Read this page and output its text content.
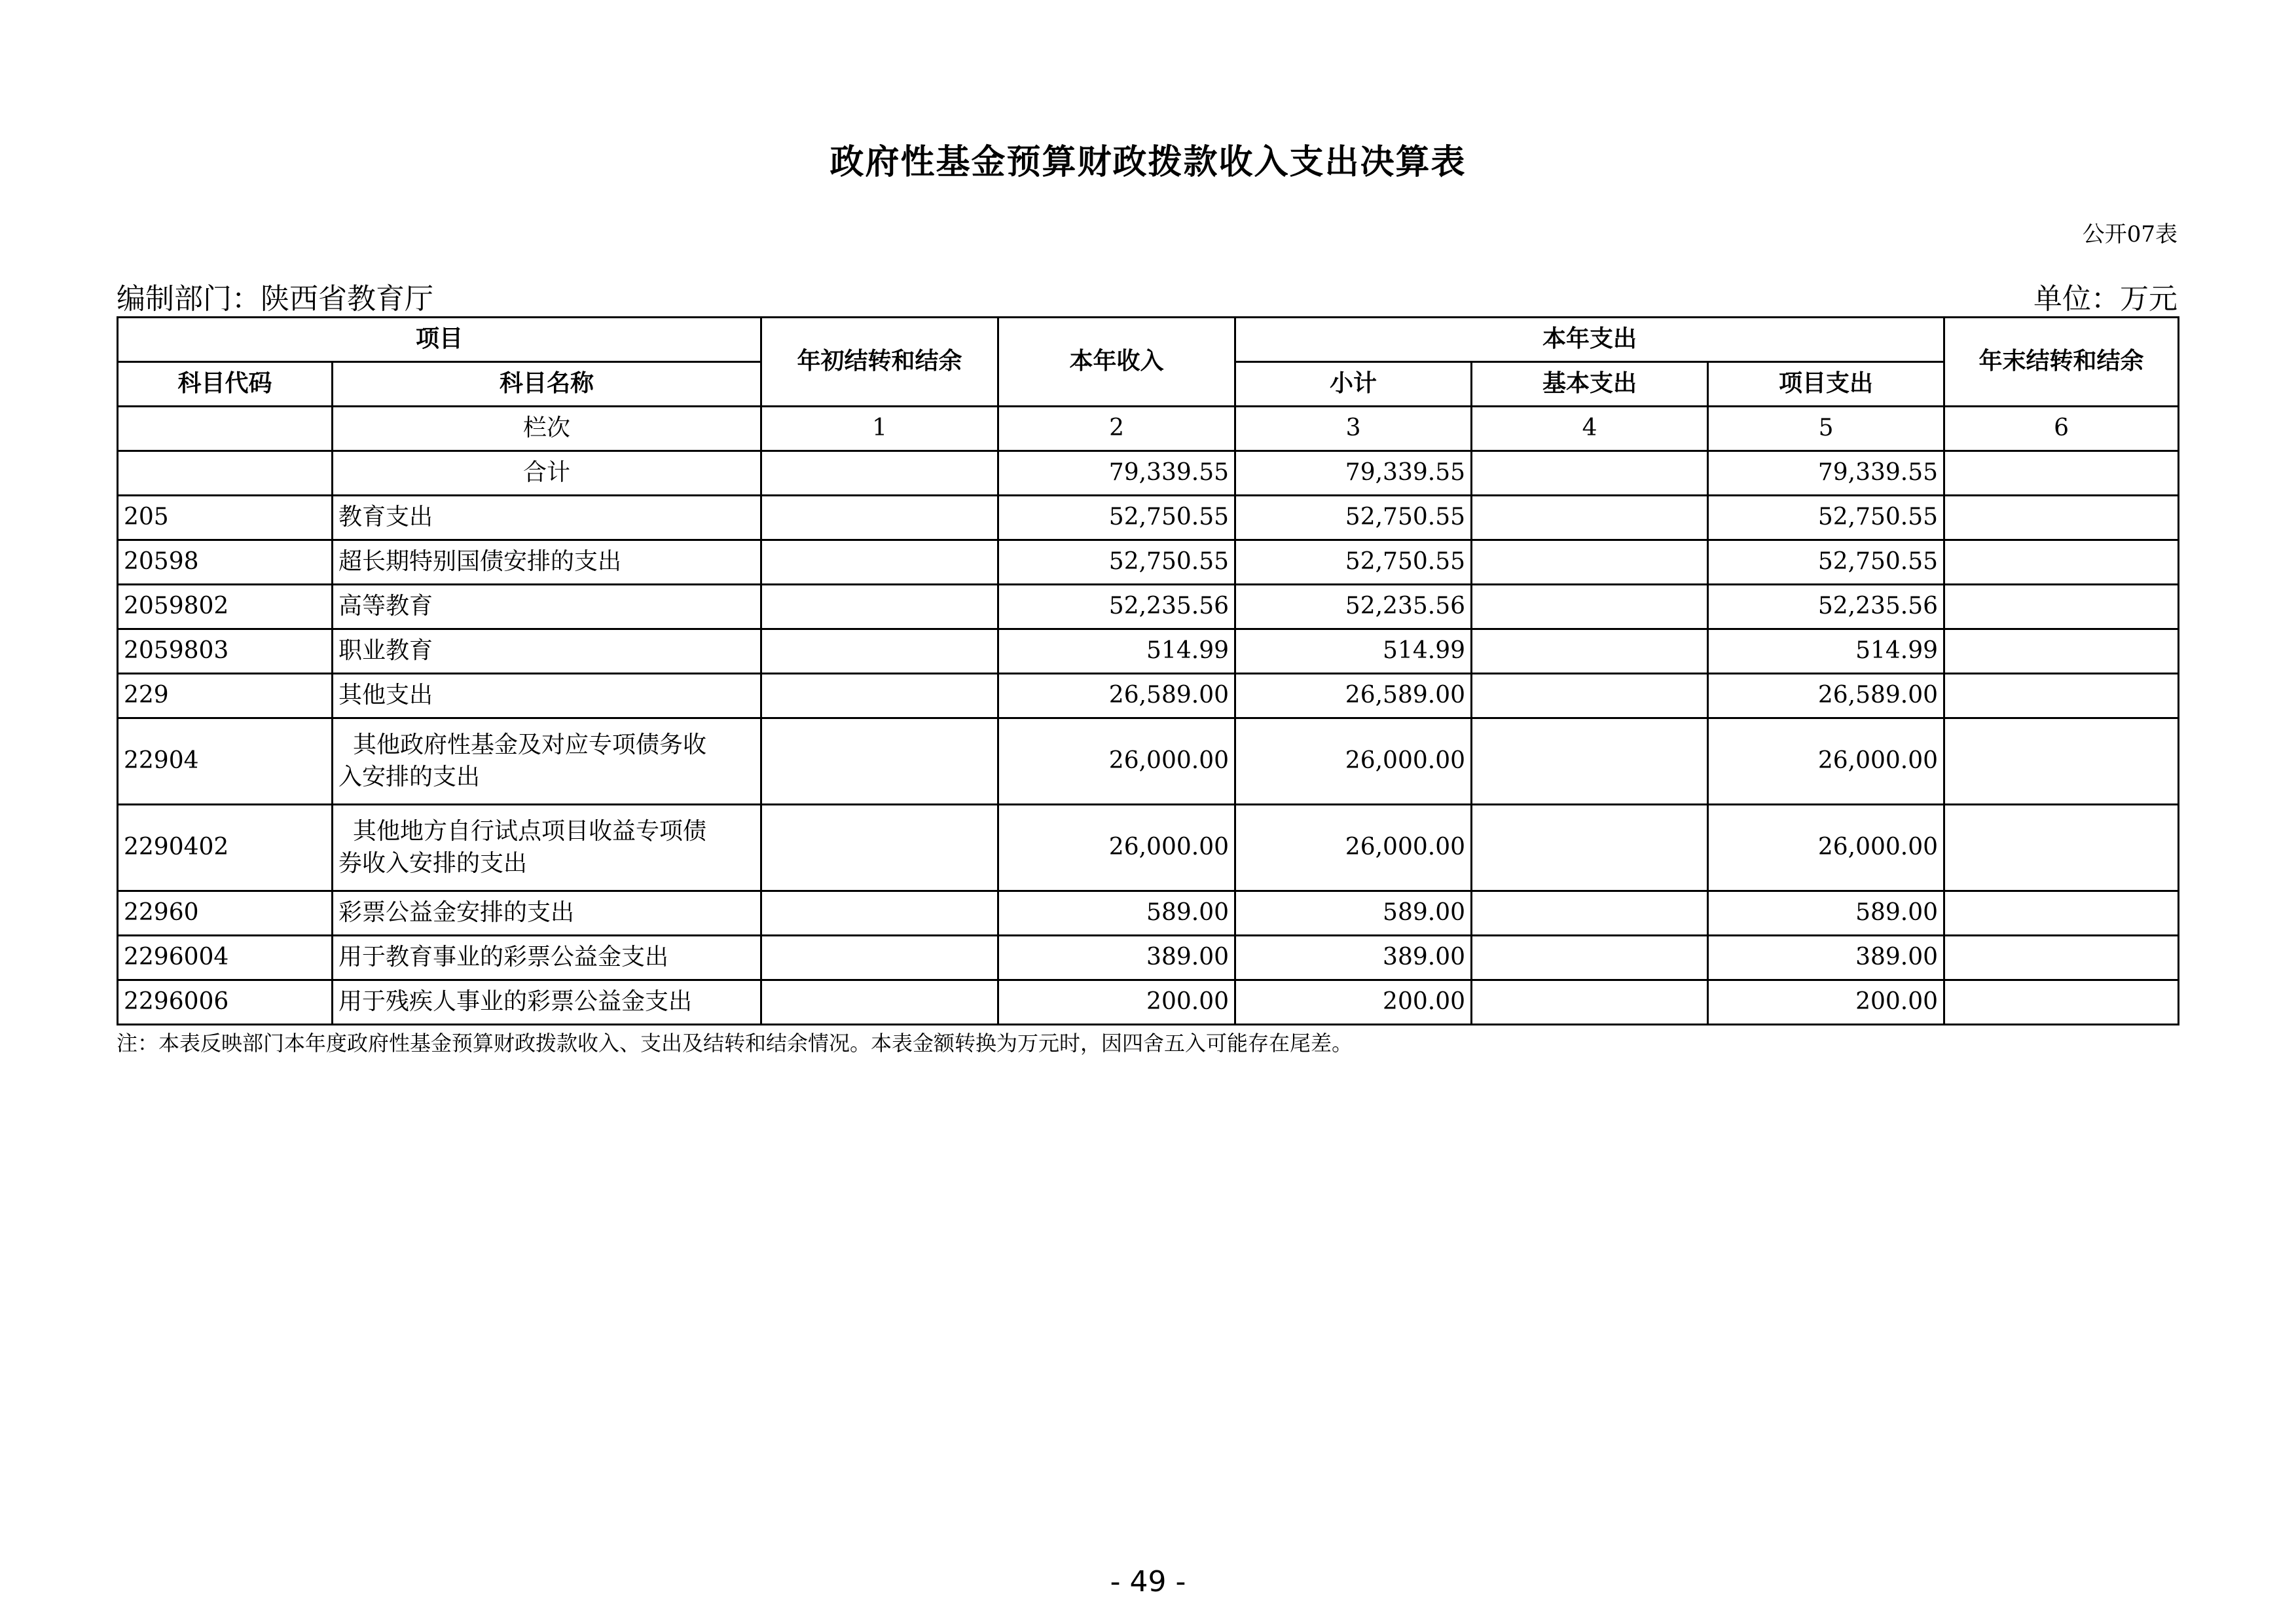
政府性基金预算财政拨款收入支出决算表
公开07表
编制部门：陕西省教育厅	单位：万元
项目		年初结转和结余	本年收入	本年支出			年末结转和结余
科目代码	科目名称			小计	基本支出	项目支出	
	栏次	1	2	3	4	5	6
	合计		79,339.55	79,339.55		79,339.55	
205	教育支出		52,750.55	52,750.55		52,750.55	
20598	超长期特别国债安排的支出		52,750.55	52,750.55		52,750.55	
2059802	高等教育		52,235.56	52,235.56		52,235.56	
2059803	职业教育		514.99	514.99		514.99	
229	其他支出		26,589.00	26,589.00		26,589.00	
22904	其他政府性基金及对应专项债务收
入安排的支出		26,000.00	26,000.00		26,000.00	
2290402	其他地方自行试点项目收益专项债
券收入安排的支出		26,000.00	26,000.00		26,000.00	
22960	彩票公益金安排的支出		589.00	589.00		589.00	
2296004	用于教育事业的彩票公益金支出		389.00	389.00		389.00	
2296006	用于残疾人事业的彩票公益金支出		200.00	200.00		200.00	
注：本表反映部门本年度政府性基金预算财政拨款收入、支出及结转和结余情况。本表金额转换为万元时，因四舍五入可能存在尾差。
- 49 -
